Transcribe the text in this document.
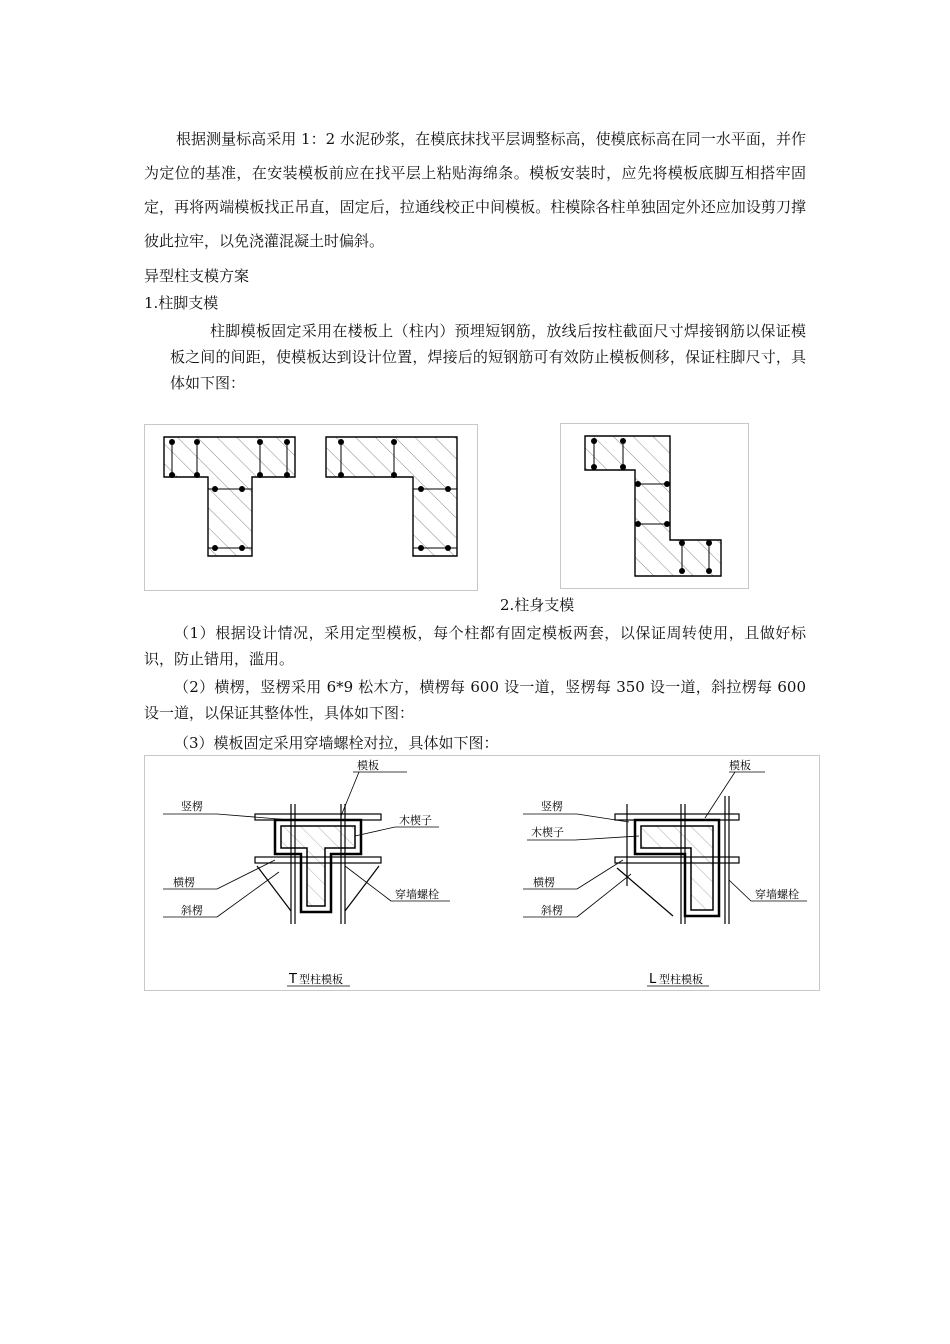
根据测量标高采用 1：2 水泥砂浆，在模底抹找平层调整标高，使模底标高在同一水平面，并作为定位的基准，在安装模板前应在找平层上粘贴海绵条。模板安装时，应先将模板底脚互相搭牢固定，再将两端模板找正吊直，固定后，拉通线校正中间模板。柱模除各柱单独固定外还应加设剪刀撑彼此拉牢，以免浇灌混凝土时偏斜。

异型柱支模方案

1.柱脚支模

柱脚模板固定采用在楼板上（柱内）预埋短钢筋，放线后按柱截面尺寸焊接钢筋以保证模板之间的间距，使模板达到设计位置，焊接后的短钢筋可有效防止模板侧移，保证柱脚尺寸，具体如下图：

2.柱身支模

（1）根据设计情况，采用定型模板，每个柱都有固定模板两套，以保证周转使用，且做好标识，防止错用，滥用。

（2）横楞，竖楞采用 6*9 松木方，横楞每 600 设一道，竖楞每 350 设一道，斜拉楞每 600 设一道，以保证其整体性，具体如下图：

（3）模板固定采用穿墙螺栓对拉，具体如下图：

模板
竖楞
木楔子
横楞
穿墙螺栓
斜楞
模板
竖楞
木楔子
横楞
穿墙螺栓
斜楞
T 型柱模板	L 型柱模板
